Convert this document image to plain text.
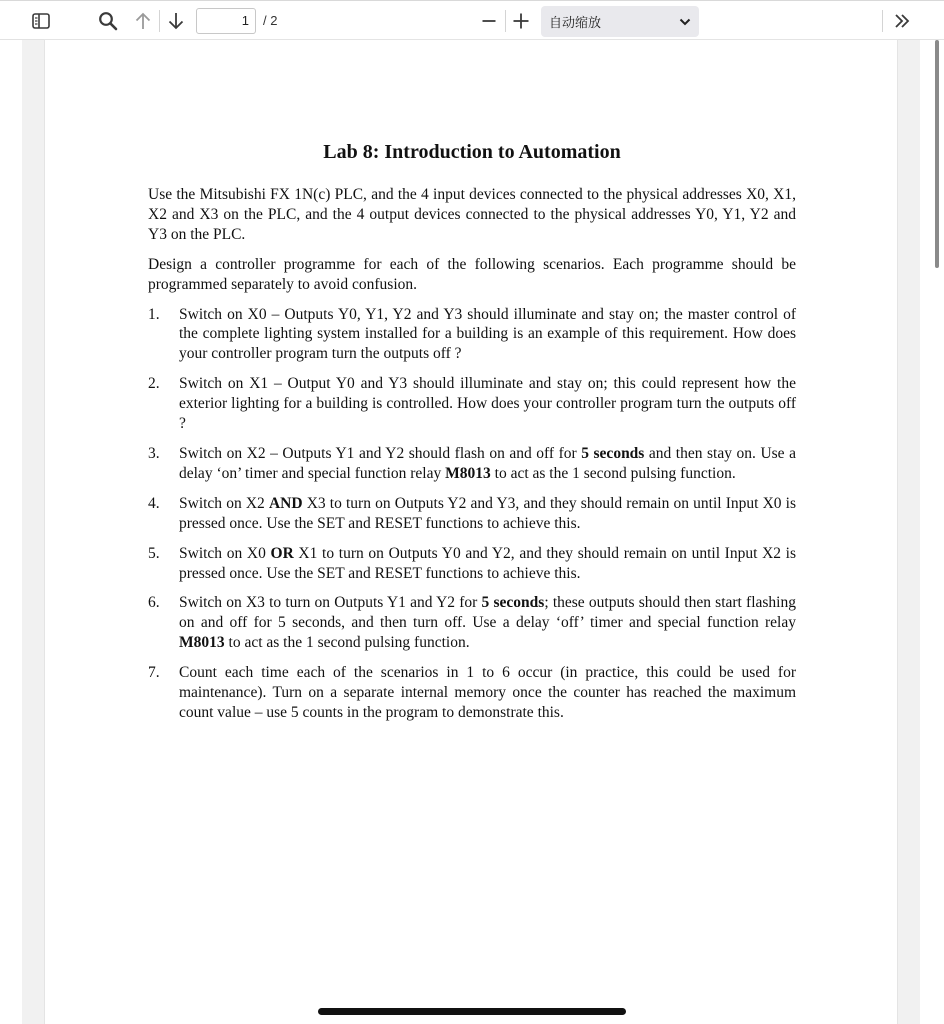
1	/ 2	自动缩放
Lab 8: Introduction to Automation

Use the Mitsubishi FX 1N(c) PLC, and the 4 input devices connected to the physical addresses X0, X1, X2 and X3 on the PLC, and the 4 output devices connected to the physical addresses Y0, Y1, Y2 and Y3 on the PLC.

Design a controller programme for each of the following scenarios. Each programme should be programmed separately to avoid confusion.

1. Switch on X0 – Outputs Y0, Y1, Y2 and Y3 should illuminate and stay on; the master control of the complete lighting system installed for a building is an example of this requirement. How does your controller program turn the outputs off ?
2. Switch on X1 – Output Y0 and Y3 should illuminate and stay on; this could represent how the exterior lighting for a building is controlled. How does your controller program turn the outputs off ?
3. Switch on X2 – Outputs Y1 and Y2 should flash on and off for 5 seconds and then stay on. Use a delay ‘on’ timer and special function relay M8013 to act as the 1 second pulsing function.
4. Switch on X2 AND X3 to turn on Outputs Y2 and Y3, and they should remain on until Input X0 is pressed once. Use the SET and RESET functions to achieve this.
5. Switch on X0 OR X1 to turn on Outputs Y0 and Y2, and they should remain on until Input X2 is pressed once. Use the SET and RESET functions to achieve this.
6. Switch on X3 to turn on Outputs Y1 and Y2 for 5 seconds; these outputs should then start flashing on and off for 5 seconds, and then turn off. Use a delay ‘off’ timer and special function relay M8013 to act as the 1 second pulsing function.
7. Count each time each of the scenarios in 1 to 6 occur (in practice, this could be used for maintenance). Turn on a separate internal memory once the counter has reached the maximum count value – use 5 counts in the program to demonstrate this.
